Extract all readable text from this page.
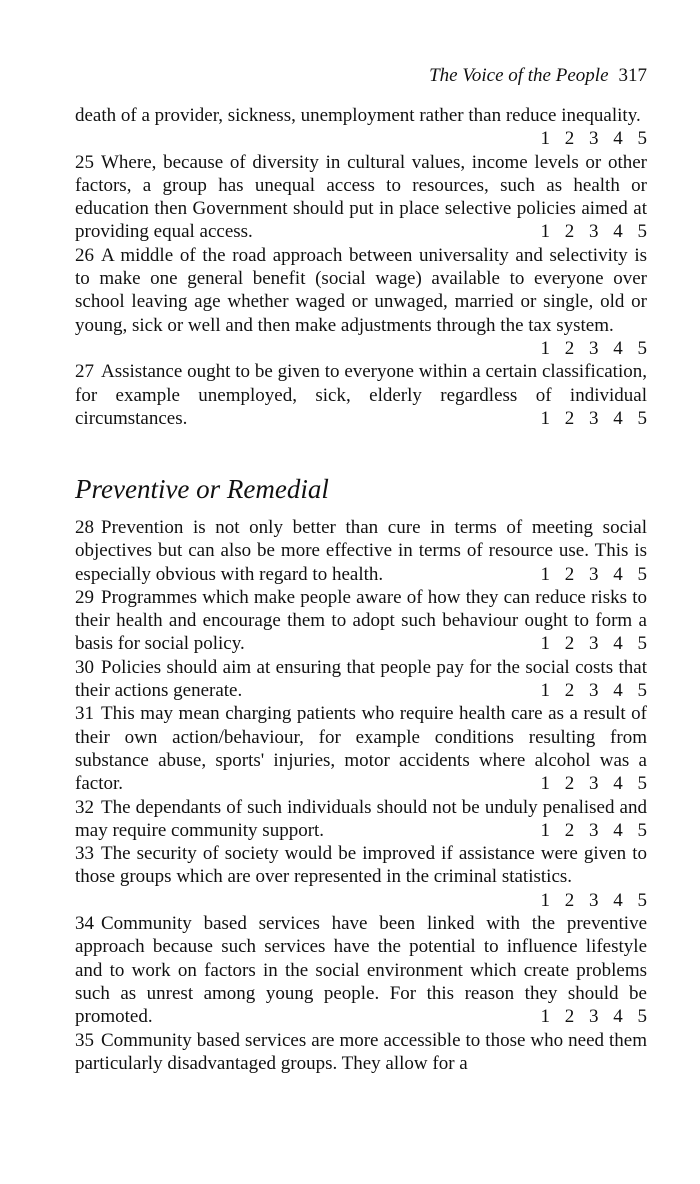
The Voice of the People 317

death of a provider, sickness, unemployment rather than reduce inequality.
1 2 3 4 5

25 Where, because of diversity in cultural values, income levels or other factors, a group has unequal access to resources, such as health or education then Government should put in place selective policies aimed at providing equal access.	1 2 3 4 5

26 A middle of the road approach between universality and selectivity is to make one general benefit (social wage) available to everyone over school leaving age whether waged or unwaged, married or single, old or young, sick or well and then make adjustments through the tax system.
1 2 3 4 5

27 Assistance ought to be given to everyone within a certain classification, for example unemployed, sick, elderly regardless of individual circumstances.	1 2 3 4 5

Preventive or Remedial

28 Prevention is not only better than cure in terms of meeting social objectives but can also be more effective in terms of resource use. This is especially obvious with regard to health.	1 2 3 4 5

29 Programmes which make people aware of how they can reduce risks to their health and encourage them to adopt such behaviour ought to form a basis for social policy.	1 2 3 4 5

30 Policies should aim at ensuring that people pay for the social costs that their actions generate.	1 2 3 4 5

31 This may mean charging patients who require health care as a result of their own action/behaviour, for example conditions resulting from substance abuse, sports' injuries, motor accidents where alcohol was a factor.	1 2 3 4 5

32 The dependants of such individuals should not be unduly penalised and may require community support.	1 2 3 4 5

33 The security of society would be improved if assistance were given to those groups which are over represented in the criminal statistics.
1 2 3 4 5

34 Community based services have been linked with the preventive approach because such services have the potential to influence lifestyle and to work on factors in the social environment which create problems such as unrest among young people. For this reason they should be promoted.	1 2 3 4 5

35 Community based services are more accessible to those who need them particularly disadvantaged groups. They allow for a
